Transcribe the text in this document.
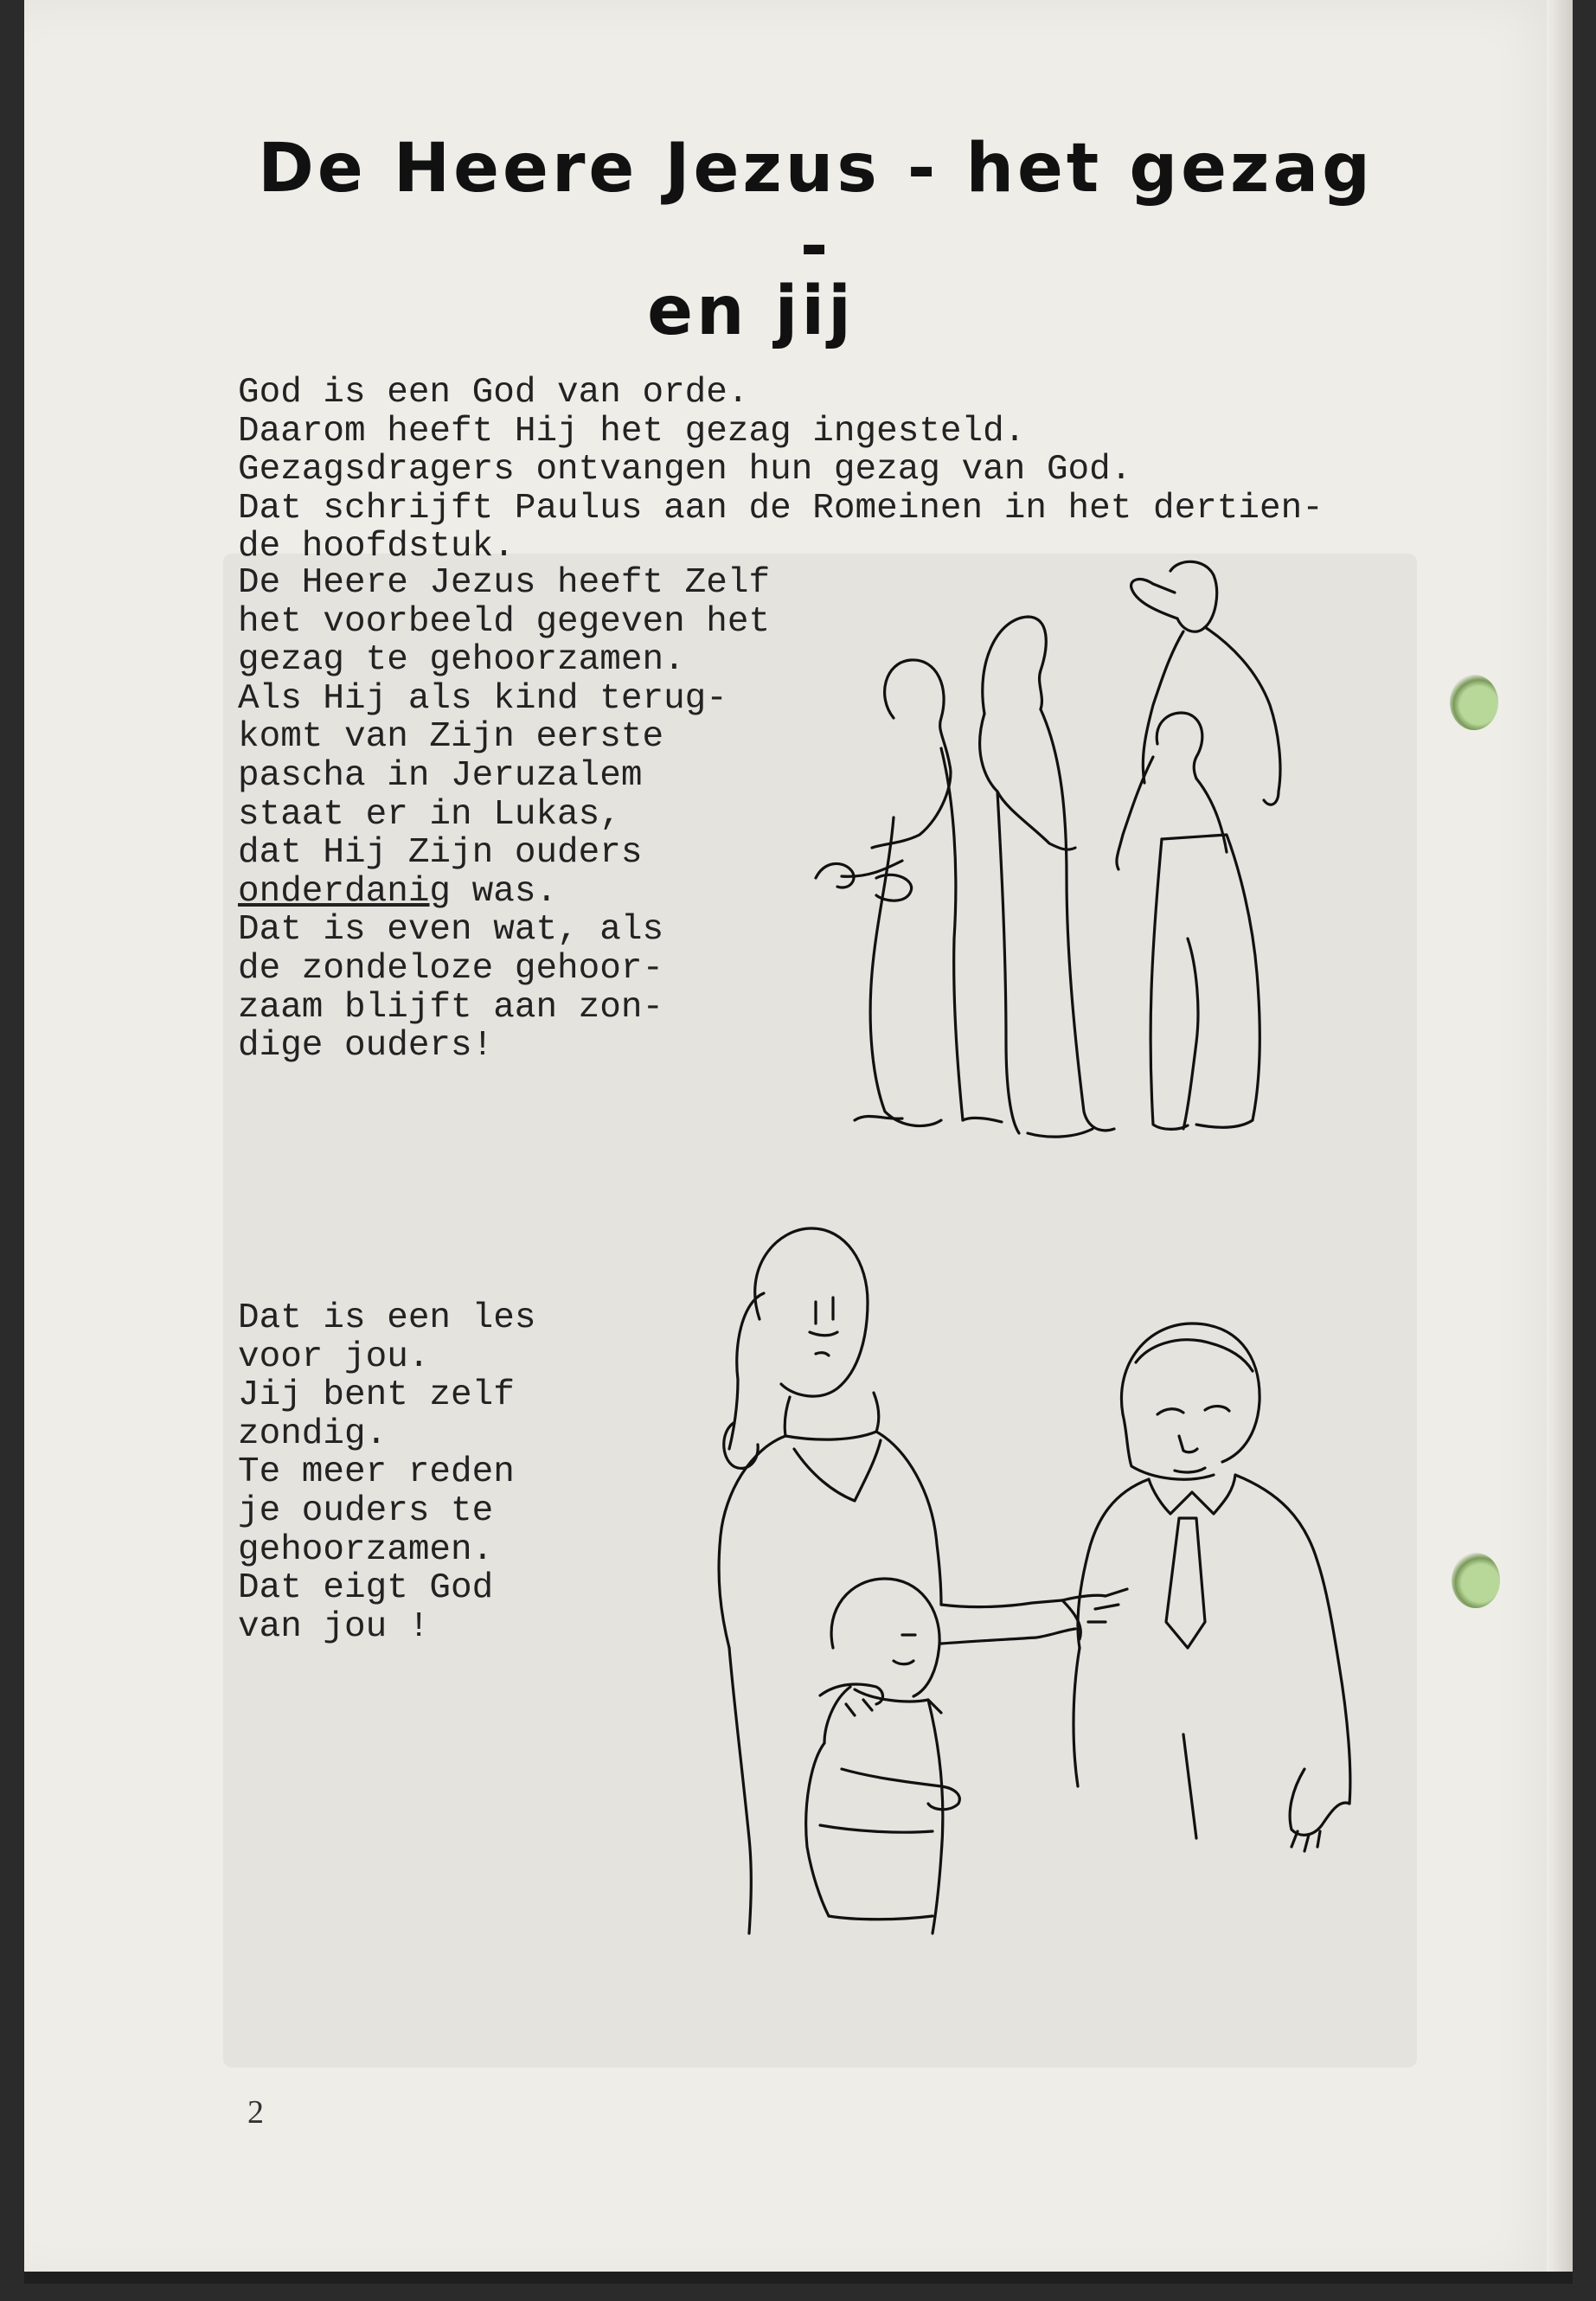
De Heere Jezus - het gezag -
en jij

God is een God van orde.
Daarom heeft Hij het gezag ingesteld.
Gezagsdragers ontvangen hun gezag van God.
Dat schrijft Paulus aan de Romeinen in het dertien-
de hoofdstuk.

De Heere Jezus heeft Zelf
het voorbeeld gegeven het
gezag te gehoorzamen.
Als Hij als kind terug-
komt van Zijn eerste
pascha in Jeruzalem
staat er in Lukas,
dat Hij Zijn ouders
onderdanig was.
Dat is even wat, als
de zondeloze gehoor-
zaam blijft aan zon-
dige ouders!

Dat is een les
voor jou.
Jij bent zelf
zondig.
Te meer reden
je ouders te
gehoorzamen.
Dat eigt God
van jou !

2
